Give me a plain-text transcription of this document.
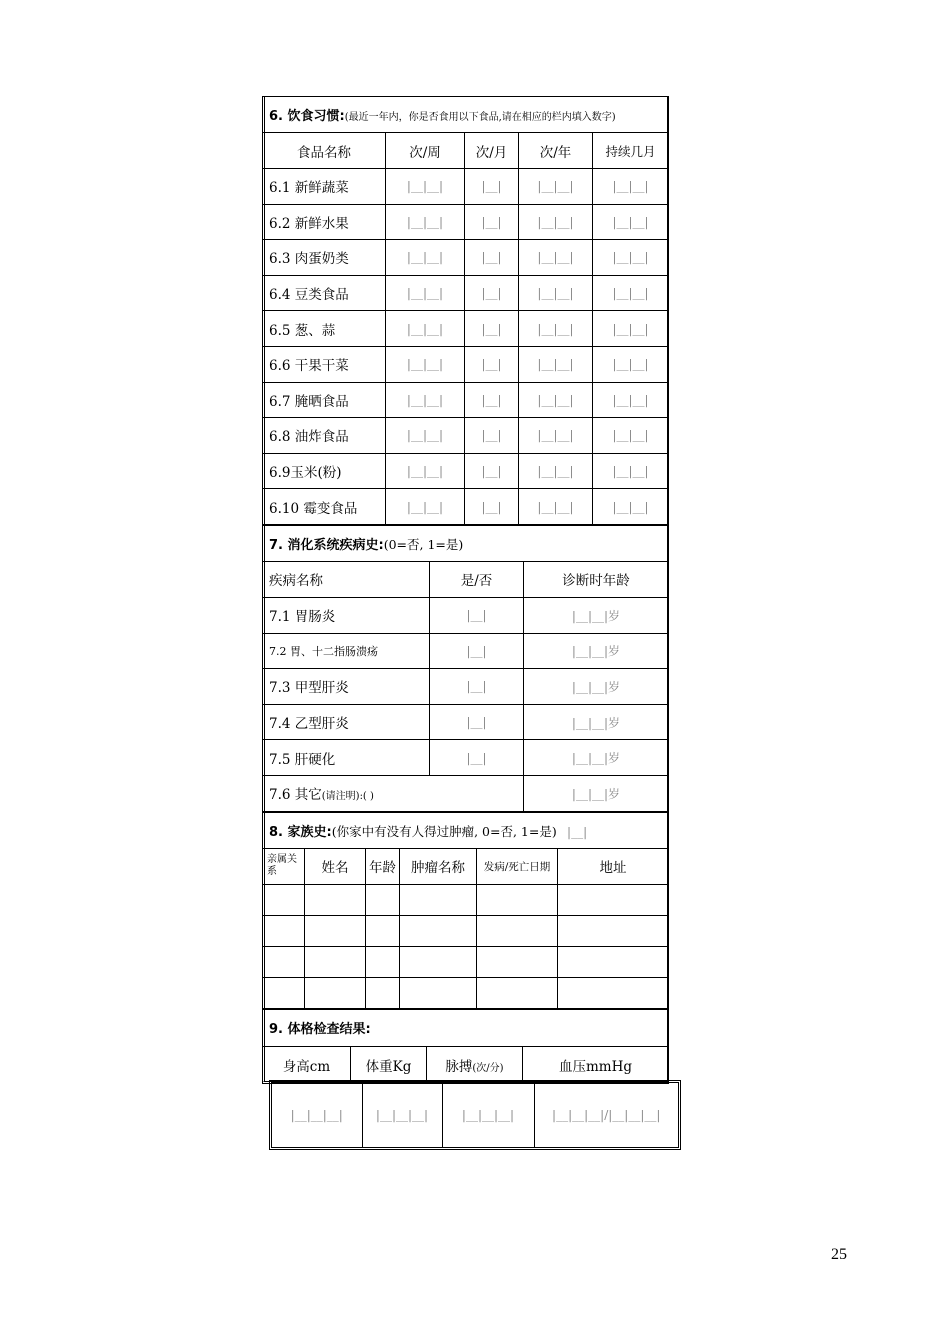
6. 饮食习惯:(最近一年内，你是否食用以下食品,请在相应的栏内填入数字)				
食品名称	次/周	次/月	次/年	持续几月
6.1 新鲜蔬菜	|__|__|	|__|	|__|__|	|__|__|
6.2 新鲜水果	|__|__|	|__|	|__|__|	|__|__|
6.3 肉蛋奶类	|__|__|	|__|	|__|__|	|__|__|
6.4 豆类食品	|__|__|	|__|	|__|__|	|__|__|
6.5 葱、蒜	|__|__|	|__|	|__|__|	|__|__|
6.6 干果干菜	|__|__|	|__|	|__|__|	|__|__|
6.7 腌晒食品	|__|__|	|__|	|__|__|	|__|__|
6.8 油炸食品	|__|__|	|__|	|__|__|	|__|__|
6.9玉米(粉)	|__|__|	|__|	|__|__|	|__|__|
6.10 霉变食品	|__|__|	|__|	|__|__|	|__|__|
7. 消化系统疾病史:(0=否, 1=是)		
疾病名称	是/否	诊断时年龄
7.1 胃肠炎	|__|	|__|__|岁
7.2 胃、十二指肠溃疡	|__|	|__|__|岁
7.3 甲型肝炎	|__|	|__|__|岁
7.4 乙型肝炎	|__|	|__|__|岁
7.5 肝硬化	|__|	|__|__|岁
7.6 其它(请注明):( )		|__|__|岁
8. 家族史:(你家中有没有人得过肿瘤, 0=否, 1=是) |__|					
亲属关系	姓名	年龄	肿瘤名称	发病/死亡日期	地址

9. 体格检查结果:
身高cm	体重Kg	脉搏(次/分)	血压mmHg
|__|__|__|	|__|__|__|	|__|__|__|	|__|__|__|/|__|__|__|
25
